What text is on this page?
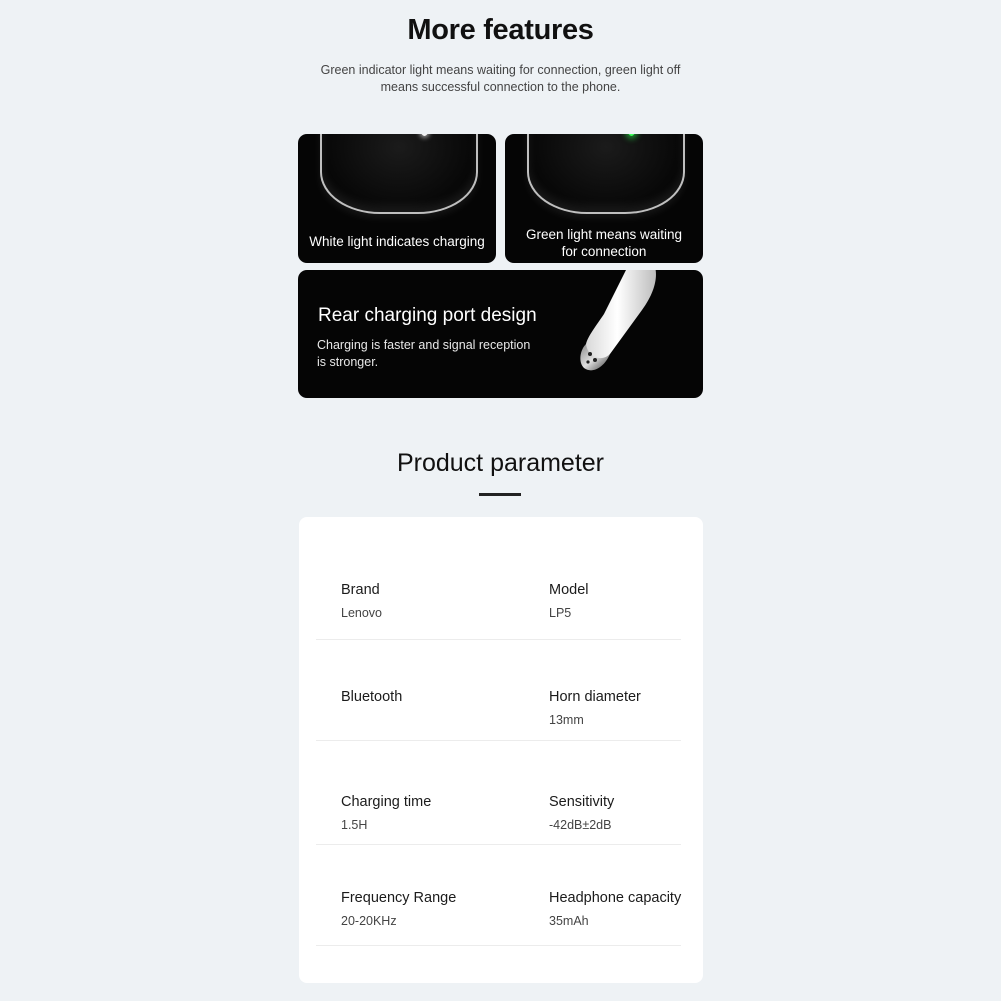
More features
Green indicator light means waiting for connection, green light off
means successful connection to the phone.
White light indicates charging	Green light means waiting
for connection
Rear charging port design
Charging is faster and signal reception
is stronger.
Product parameter
Brand
Lenovo
Model
LP5
Bluetooth	Horn diameter
13mm
Charging time
1.5H
Sensitivity
-42dB±2dB
Frequency Range
20-20KHz
Headphone capacity
35mAh
